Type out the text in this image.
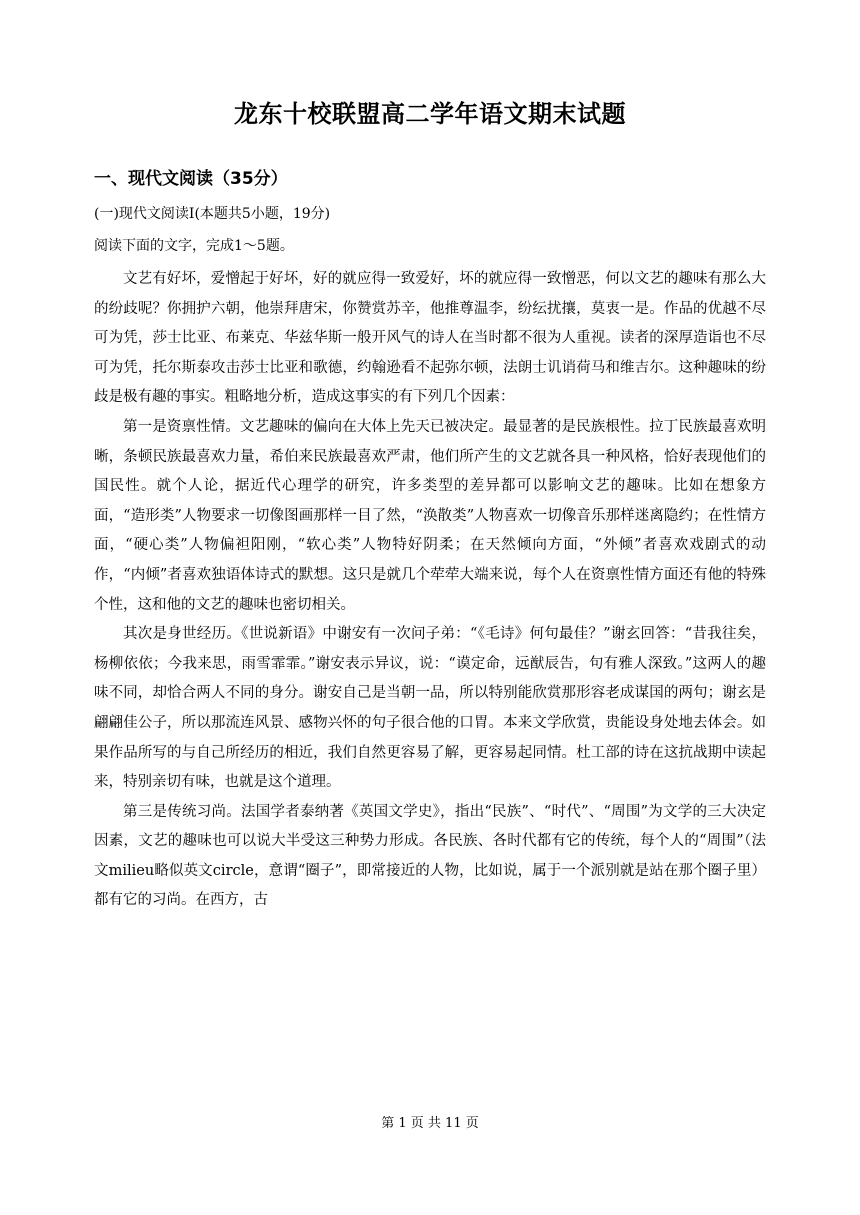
龙东十校联盟高二学年语文期末试题
一、现代文阅读（35分）

(一)现代文阅读Ⅰ(本题共5小题，19分)

阅读下面的文字，完成1～5题。

文艺有好坏，爱憎起于好坏，好的就应得一致爱好，坏的就应得一致憎恶，何以文艺的趣味有那么大的纷歧呢？你拥护六朝，他崇拜唐宋，你赞赏苏辛，他推尊温李，纷纭扰攘，莫衷一是。作品的优越不尽可为凭，莎士比亚、布莱克、华兹华斯一般开风气的诗人在当时都不很为人重视。读者的深厚造诣也不尽可为凭，托尔斯泰攻击莎士比亚和歌德，约翰逊看不起弥尔顿，法朗士讥诮荷马和维吉尔。这种趣味的纷歧是极有趣的事实。粗略地分析，造成这事实的有下列几个因素：

第一是资禀性情。文艺趣味的偏向在大体上先天已被决定。最显著的是民族根性。拉丁民族最喜欢明晰，条顿民族最喜欢力量，希伯来民族最喜欢严肃，他们所产生的文艺就各具一种风格，恰好表现他们的国民性。就个人论，据近代心理学的研究，许多类型的差异都可以影响文艺的趣味。比如在想象方面，“造形类”人物要求一切像图画那样一目了然，“涣散类”人物喜欢一切像音乐那样迷离隐约；在性情方面，“硬心类”人物偏袒阳刚，“软心类”人物特好阴柔；在天然倾向方面，“外倾”者喜欢戏剧式的动作，“内倾”者喜欢独语体诗式的默想。这只是就几个荦荦大端来说，每个人在资禀性情方面还有他的特殊个性，这和他的文艺的趣味也密切相关。

其次是身世经历。《世说新语》中谢安有一次问子弟：“《毛诗》何句最佳？”谢玄回答：“昔我往矣，杨柳依依；今我来思，雨雪霏霏。”谢安表示异议，说：“谟定命，远猷辰告，句有雅人深致。”这两人的趣味不同，却恰合两人不同的身分。谢安自己是当朝一品，所以特别能欣赏那形容老成谋国的两句；谢玄是翩翩佳公子，所以那流连风景、感物兴怀的句子很合他的口胃。本来文学欣赏，贵能设身处地去体会。如果作品所写的与自己所经历的相近，我们自然更容易了解，更容易起同情。杜工部的诗在这抗战期中读起来，特别亲切有味，也就是这个道理。

第三是传统习尚。法国学者泰纳著《英国文学史》，指出“民族”、“时代”、“周围”为文学的三大决定因素，文艺的趣味也可以说大半受这三种势力形成。各民族、各时代都有它的传统，每个人的“周围”（法文milieu略似英文circle，意谓“圈子”，即常接近的人物，比如说，属于一个派别就是站在那个圈子里）都有它的习尚。在西方，古

第 1 页 共 11 页
